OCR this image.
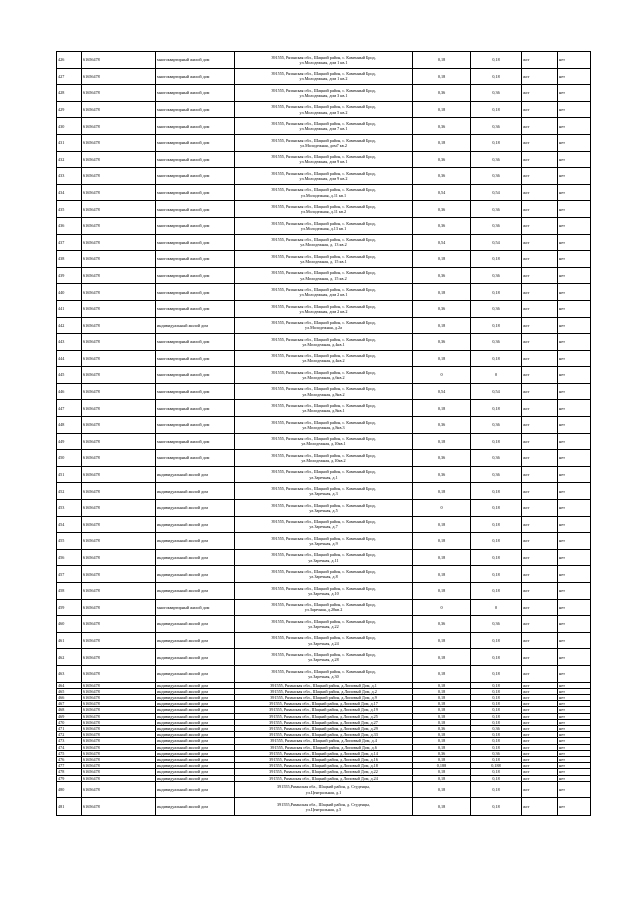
426	61656478	многоквартирный жилой дом	391555, Рязанская обл., Шацкий район, с. Каменный Брод,
ул.Молодежная, дом 1 кв.1	0,18	0,18	жст	нет
427	61656478	многоквартирный жилой дом	391555, Рязанская обл., Шацкий район, с. Каменный Брод,
ул.Молодежная, дом 1 кв.2	0,18	0,18	жст	нет
428	61656478	многоквартирный жилой дом	391555, Рязанская обл., Шацкий район, с. Каменный Брод,
ул.Молодежная, дом 3 кв.1	0,36	0,36	жст	нет
429	61656478	многоквартирный жилой дом	391555, Рязанская обл., Шацкий район, с. Каменный Брод,
ул.Молодежная, дом 5 кв.2	0,18	0,18	жст	нет
430	61656478	многоквартирный жилой дом	391555, Рязанская обл., Шацкий район, с. Каменный Брод,
ул.Молодежная, дом 7 кв.1	0,36	0,36	жст	нет
431	61656478	многоквартирный жилой дом	391555, Рязанская обл., Шацкий район, с. Каменный Брод,
ул.Молодежная, дом7 кв.2	0,18	0,18	жст	нет
432	61656478	многоквартирный жилой дом	391555, Рязанская обл., Шацкий район, с. Каменный Брод,
ул.Молодежная, дом 9 кв.1	0,36	0,36	жст	нет
433	61656478	многоквартирный жилой дом	391555, Рязанская обл., Шацкий район, с. Каменный Брод,
ул.Молодежная, дом 9 кв.2	0,36	0,36	жст	нет
434	61656478	многоквартирный жилой дом	391555, Рязанская обл., Шацкий район, с. Каменный Брод,
ул.Молодежная, д.11 кв.1	0,54	0,54	жст	нет
435	61656478	многоквартирный жилой дом	391555, Рязанская обл., Шацкий район, с. Каменный Брод,
ул.Молодежная, д.11 кв.2	0,36	0,36	жст	нет
436	61656478	многоквартирный жилой дом	391555, Рязанская обл., Шацкий район, с. Каменный Брод,
ул.Молодежная, д.13 кв.1	0,36	0,36	жст	нет
437	61656478	многоквартирный жилой дом	391555, Рязанская обл., Шацкий район, с. Каменный Брод,
ул.Молодежная, д. 13 кв.2	0,54	0,54	жст	нет
438	61656478	многоквартирный жилой дом	391555, Рязанская обл., Шацкий район, с. Каменный Брод,
ул.Молодежная, д. 15 кв.1	0,18	0,18	жст	нет
439	61656478	многоквартирный жилой дом	391555, Рязанская обл., Шацкий район, с. Каменный Брод,
ул.Молодежная, д. 15 кв.2	0,36	0,36	жст	нет
440	61656478	многоквартирный жилой дом	391555, Рязанская обл., Шацкий район, с. Каменный Брод,
ул.Молодежная, дом 2 кв.1	0,18	0,18	жст	нет
441	61656478	многоквартирный жилой дом	391555, Рязанская обл., Шацкий район, с. Каменный Брод,
ул.Молодежная, дом 2 кв.2	0,36	0,36	жст	нет
442	61656478	индивидуальный жилой дом	391555, Рязанская обл., Шацкий район, с. Каменный Брод,
ул.Молодежная, д.2а	0,18	0,18	жст	нет
443	61656478	многоквартирный жилой дом	391555, Рязанская обл., Шацкий район, с. Каменный Брод,
ул.Молодежная, д.4кв.1	0,36	0,36	жст	нет
444	61656478	многоквартирный жилой дом	391555, Рязанская обл., Шацкий район, с. Каменный Брод,
ул.Молодежная, д.4кв.2	0,18	0,18	жст	нет
445	61656478	многоквартирный жилой дом	391555, Рязанская обл., Шацкий район, с. Каменный Брод,
ул.Молодежная, д.6кв.2	0	0	жст	нет
446	61656478	многоквартирный жилой дом	391555, Рязанская обл., Шацкий район, с. Каменный Брод,
ул.Молодежная, д.8кв.2	0,54	0,54	жст	нет
447	61656478	многоквартирный жилой дом	391555, Рязанская обл., Шацкий район, с. Каменный Брод,
ул.Молодежная, д.8кв.1	0,18	0,18	жст	нет
448	61656478	многоквартирный жилой дом	391555, Рязанская обл., Шацкий район, с. Каменный Брод,
ул.Молодежная, д.8кв.3	0,36	0,36	жст	нет
449	61656478	многоквартирный жилой дом	391555, Рязанская обл., Шацкий район, с. Каменный Брод,
ул.Молодежная, д.10кв.1	0,18	0,18	жст	нет
450	61656478	многоквартирный жилой дом	391555, Рязанская обл., Шацкий район, с. Каменный Брод,
ул.Молодежная, д.10кв.2	0,36	0,36	жст	нет
451	61656478	индивидуальный жилой дом	391555, Рязанская обл., Шацкий район, с. Каменный Брод,
ул.Заречная, д.1	0,36	0,36	жст	нет
452	61656478	индивидуальный жилой дом	391555, Рязанская обл., Шацкий район, с. Каменный Брод,
ул.Заречная, д.3	0,18	0,18	жст	нет
453	61656478	индивидуальный жилой дом	391555, Рязанская обл., Шацкий район, с. Каменный Брод,
ул.Заречная, д.5	0	0,18	жст	нет
454	61656478	индивидуальный жилой дом	391555, Рязанская обл., Шацкий район, с. Каменный Брод,
ул.Заречная, д.7	0,18	0,18	жст	нет
455	61656478	индивидуальный жилой дом	391555, Рязанская обл., Шацкий район, с. Каменный Брод,
ул.Заречная, д.9	0,18	0,18	жст	нет
456	61656478	индивидуальный жилой дом	391555, Рязанская обл., Шацкий район, с. Каменный Брод,
ул.Заречная, д.11	0,18	0,18	жст	нет
457	61656478	индивидуальный жилой дом	391555, Рязанская обл., Шацкий район, с. Каменный Брод,
ул.Заречная, д.8	0,18	0,18	жст	нет
458	61656478	индивидуальный жилой дом	391555, Рязанская обл., Шацкий район, с. Каменный Брод,
ул.Заречная, д.10	0,18	0,18	жст	нет
459	61656478	многоквартирный жилой дом	391555, Рязанская обл., Шацкий район, с. Каменный Брод,
ул.Заречная, д.20кв.2	0	0	жст	нет
460	61656478	индивидуальный жилой дом	391555, Рязанская обл., Шацкий район, с. Каменный Брод,
ул.Заречная, д.22	0,36	0,36	жст	нет
461	61656478	индивидуальный жилой дом	391555, Рязанская обл., Шацкий район, с. Каменный Брод,
ул.Заречная, д.24	0,18	0,18	жст	нет
462	61656478	индивидуальный жилой дом	391555, Рязанская обл., Шацкий район, с. Каменный Брод,
ул.Заречная, д.28	0,18	0,18	жст	нет
463	61656478	индивидуальный жилой дом	391555, Рязанская обл., Шацкий район, с. Каменный Брод,
ул.Заречная, д.30	0,18	0,18	жст	нет
464	61656478	индивидуальный жилой дом	391555, Рязанская обл., Шацкий район, д.Липовый Дом, д.1	0,18	0,18	жст	нет
465	61656478	индивидуальный жилой дом	391555, Рязанская обл., Шацкий район, д.Липовый Дом, д.2	0,18	0,18	жст	нет
466	61656478	индивидуальный жилой дом	391555, Рязанская обл., Шацкий район, д.Липовый Дом, д.9	0,18	0,18	жст	нет
467	61656478	индивидуальный жилой дом	391555, Рязанская обл., Шацкий район, д.Липовый Дом, д.17	0,18	0,18	жст	нет
468	61656478	индивидуальный жилой дом	391555, Рязанская обл., Шацкий район, д.Липовый Дом, д.19	0,18	0,18	жст	нет
469	61656478	индивидуальный жилой дом	391555, Рязанская обл., Шацкий район, д.Липовый Дом, д.25	0,18	0,18	жст	нет
470	61656478	индивидуальный жилой дом	391555, Рязанская обл., Шацкий район, д.Липовый Дом, д.27	0,18	0,18	жст	нет
471	61656478	индивидуальный жилой дом	391555, Рязанская обл., Шацкий район, д.Липовый Дом, д.29	0,36	0,36	жст	нет
472	61656478	индивидуальный жилой дом	391555, Рязанская обл., Шацкий район, д.Липовый Дом, д.33	0,18	0,18	жст	нет
473	61656478	индивидуальный жилой дом	391555, Рязанская обл., Шацкий район, д.Липовый Дом, д.4	0,18	0,18	жст	нет
474	61656478	индивидуальный жилой дом	391555, Рязанская обл., Шацкий район, д.Липовый Дом, д.6	0,18	0,18	жст	нет
475	61656478	индивидуальный жилой дом	391555, Рязанская обл., Шацкий район, д.Липовый Дом, д.14	0,36	0,36	жст	нет
476	61656478	индивидуальный жилой дом	391555, Рязанская обл., Шацкий район, д.Липовый Дом, д.16	0,18	0,18	жст	нет
477	61656478	индивидуальный жилой дом	391555, Рязанская обл., Шацкий район, д.Липовый Дом, д.18	0,188	0,188	жст	нет
478	61656478	индивидуальный жилой дом	391555, Рязанская обл., Шацкий район, д.Липовый Дом, д.22	0,18	0,18	жст	нет
479	61656478	индивидуальный жилой дом	391555, Рязанская обл., Шацкий район, д.Липовый Дом, д.24	0,18	0,18	жст	нет
480	61656478	индивидуальный жилой дом	391555,Рязанская обл., Шацкий район, д. Студенцы,
ул.Центральная, д.1	0,18	0,18	жст	нет
481	61656478	индивидуальный жилой дом	391555,Рязанская обл., Шацкий район, д. Студенцы,
ул.Центральная, д.5	0,18	0,18	жст	нет
